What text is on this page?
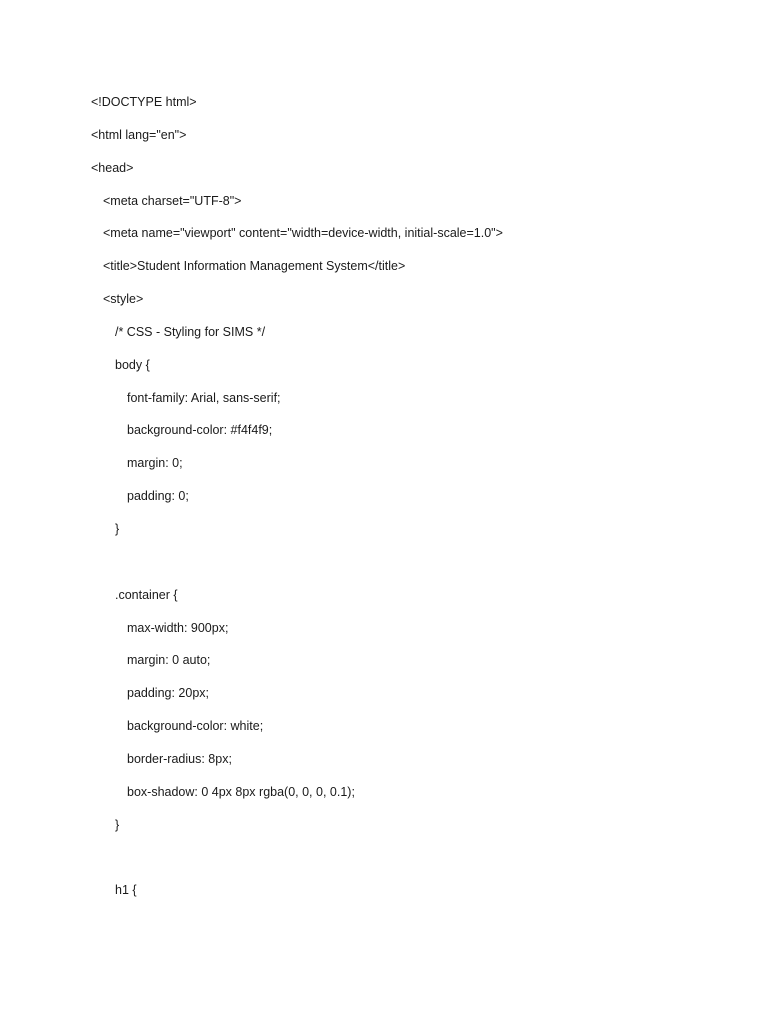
<!DOCTYPE html>
<html lang="en">
<head>
<meta charset="UTF-8">
<meta name="viewport" content="width=device-width, initial-scale=1.0">
<title>Student Information Management System</title>
<style>
/* CSS - Styling for SIMS */
body {
font-family: Arial, sans-serif;
background-color: #f4f4f9;
margin: 0;
padding: 0;
}
.container {
max-width: 900px;
margin: 0 auto;
padding: 20px;
background-color: white;
border-radius: 8px;
box-shadow: 0 4px 8px rgba(0, 0, 0, 0.1);
}
h1 {
